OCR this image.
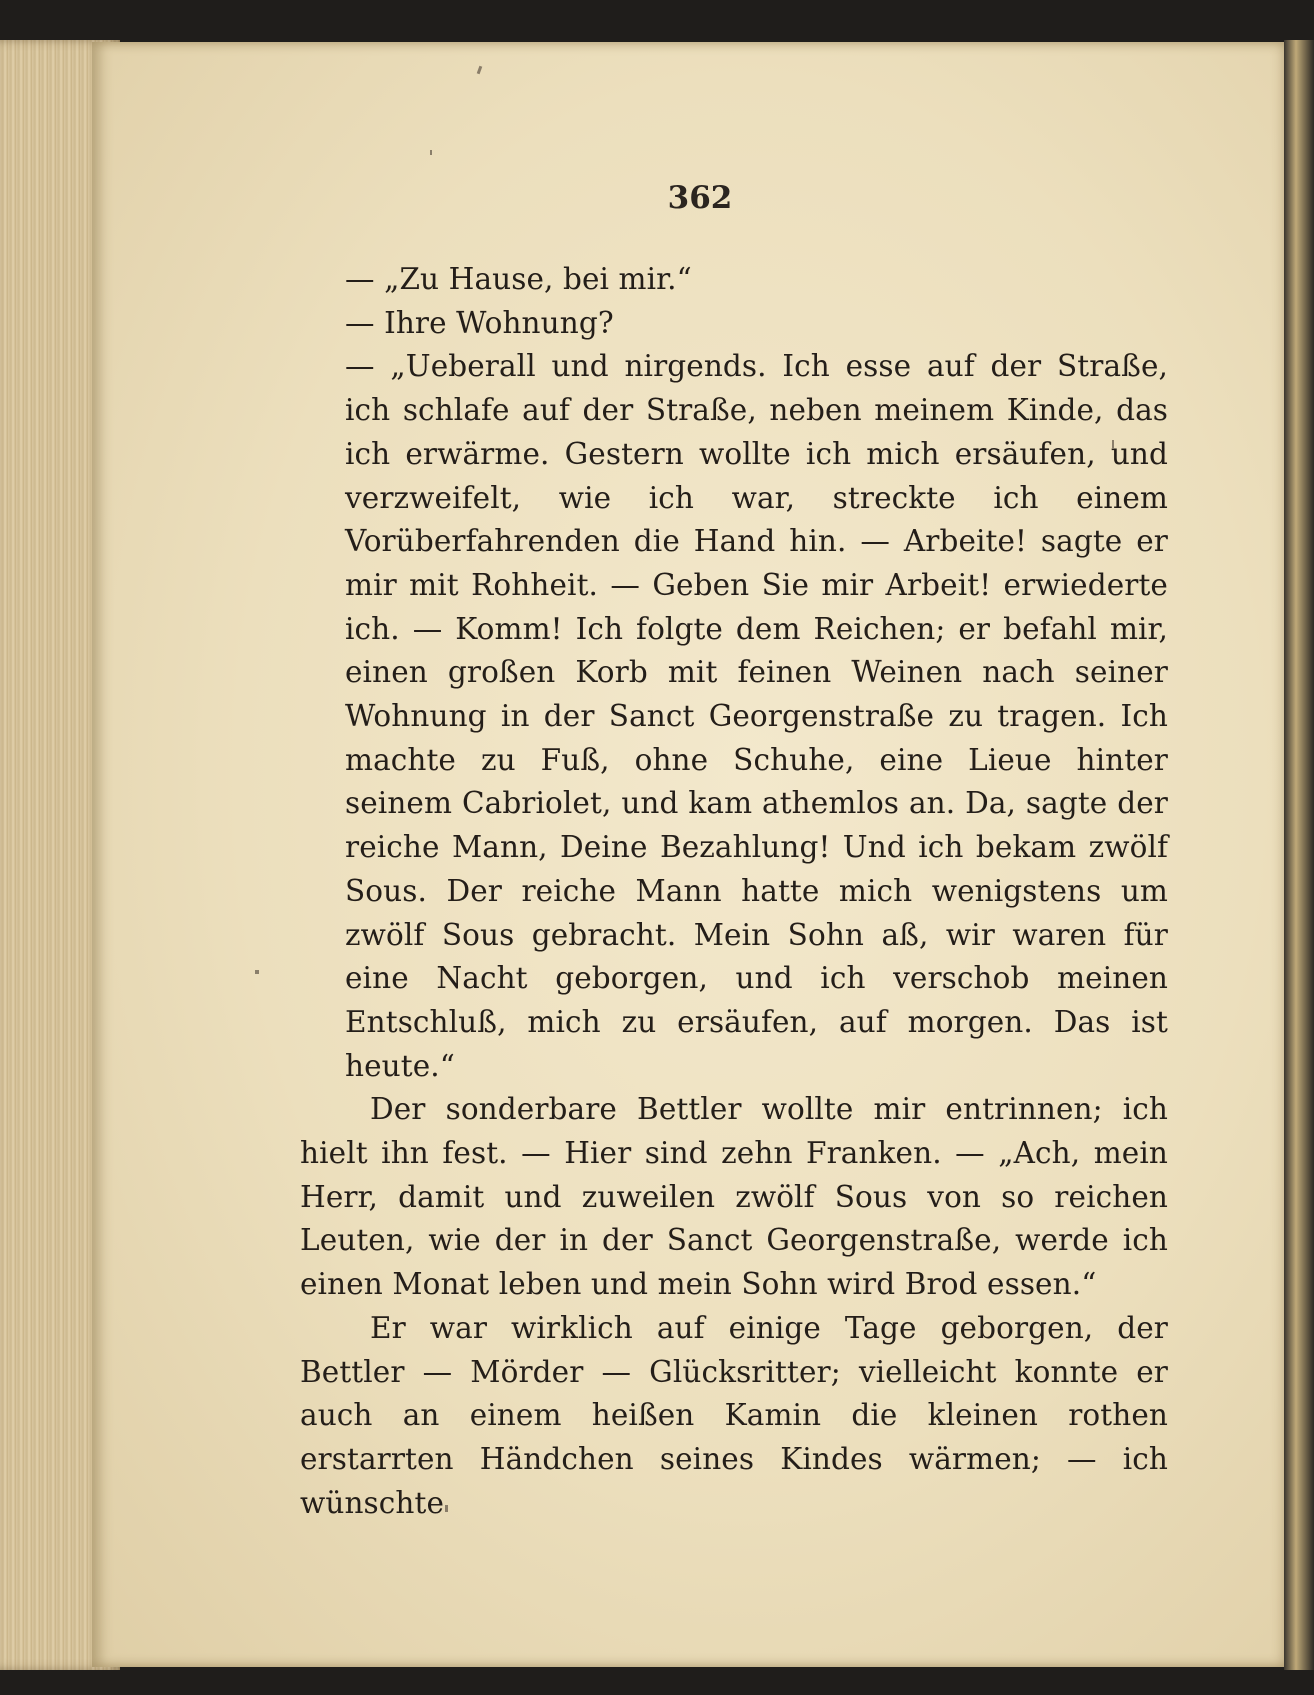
362

— „Zu Hause, bei mir.“

— Ihre Wohnung?

— „Ueberall und nirgends. Ich esse auf der Straße, ich schlafe auf der Straße, neben meinem Kinde, das ich erwärme. Gestern wollte ich mich ersäufen, und verzweifelt, wie ich war, streckte ich einem Vorüberfahrenden die Hand hin. — Arbeite! sagte er mir mit Rohheit. — Geben Sie mir Arbeit! erwiederte ich. — Komm! Ich folgte dem Reichen; er befahl mir, einen großen Korb mit feinen Weinen nach seiner Wohnung in der Sanct Georgenstraße zu tragen. Ich machte zu Fuß, ohne Schuhe, eine Lieue hinter seinem Cabriolet, und kam athemlos an. Da, sagte der reiche Mann, Deine Bezahlung! Und ich bekam zwölf Sous. Der reiche Mann hatte mich wenigstens um zwölf Sous gebracht. Mein Sohn aß, wir waren für eine Nacht geborgen, und ich verschob meinen Entschluß, mich zu ersäufen, auf morgen. Das ist heute.“

Der sonderbare Bettler wollte mir entrinnen; ich hielt ihn fest. — Hier sind zehn Franken. — „Ach, mein Herr, damit und zuweilen zwölf Sous von so reichen Leuten, wie der in der Sanct Georgenstraße, werde ich einen Monat leben und mein Sohn wird Brod essen.“

Er war wirklich auf einige Tage geborgen, der Bettler — Mörder — Glücksritter; vielleicht konnte er auch an einem heißen Kamin die kleinen rothen erstarrten Händchen seines Kindes wärmen; — ich wünschte
